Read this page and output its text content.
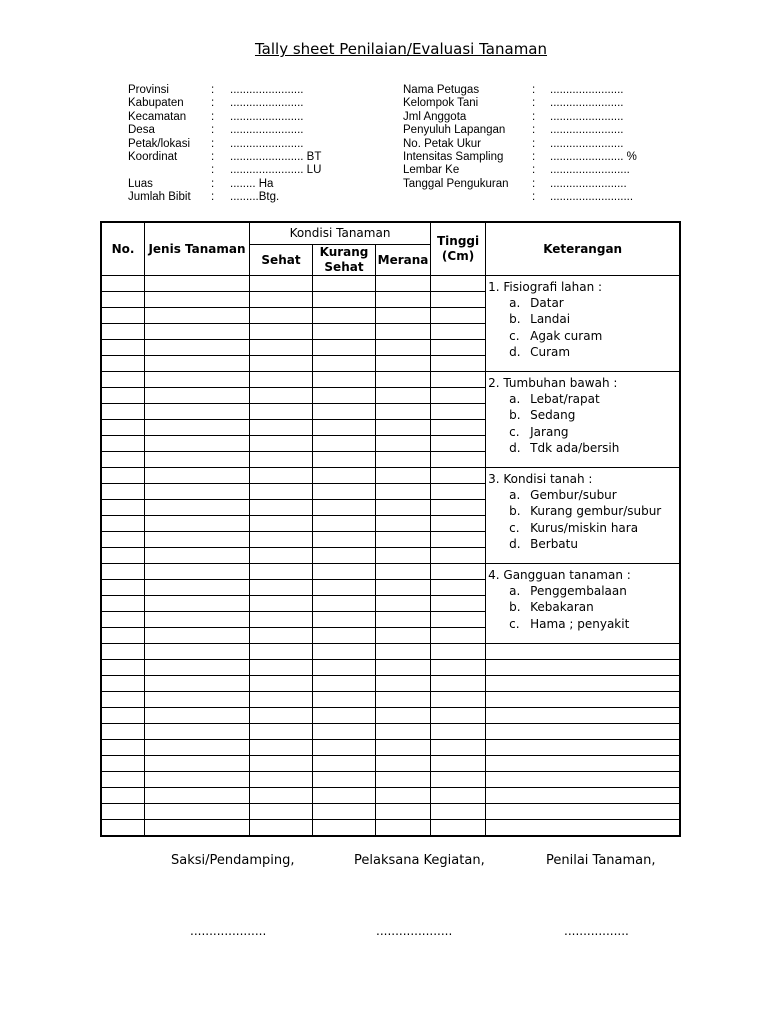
Tally sheet Penilaian/Evaluasi Tanaman
Provinsi	: .......................
Kabupaten : .......................
Kecamatan : .......................
Desa	: .......................
Petak/lokasi : .......................
Koordinat	: ....................... BT
: ....................... LU
Luas	: ........ Ha
Jumlah Bibit : .........Btg.
Nama Petugas	: .......................
Kelompok Tani	: .......................
Jml Anggota	: .......................
Penyuluh Lapangan : .......................
No. Petak Ukur	: .......................
Intensitas Sampling : ....................... %
Lembar Ke	: .........................
Tanggal Pengukuran : ........................
: ..........................
No.	Jenis Tanaman	Kondisi Tanaman			Tinggi (Cm)	Keterangan
		Sehat	Kurang Sehat	Merana		

						1. Fisiografi lahan :
a. Datar
b. Landai
c. Agak curam
d. Curam

						2. Tumbuhan bawah :
a. Lebat/rapat
b. Sedang
c. Jarang
d. Tdk ada/bersih

						3. Kondisi tanah :
a. Gembur/subur
b. Kurang gembur/subur
c. Kurus/miskin hara
d. Berbatu

						4. Gangguan tanaman :
a. Penggembalaan
b. Kebakaran
c. Hama ; penyakit

Saksi/Pendamping,	Pelaksana Kegiatan,	Penilai Tanaman,
....................	....................	.................
